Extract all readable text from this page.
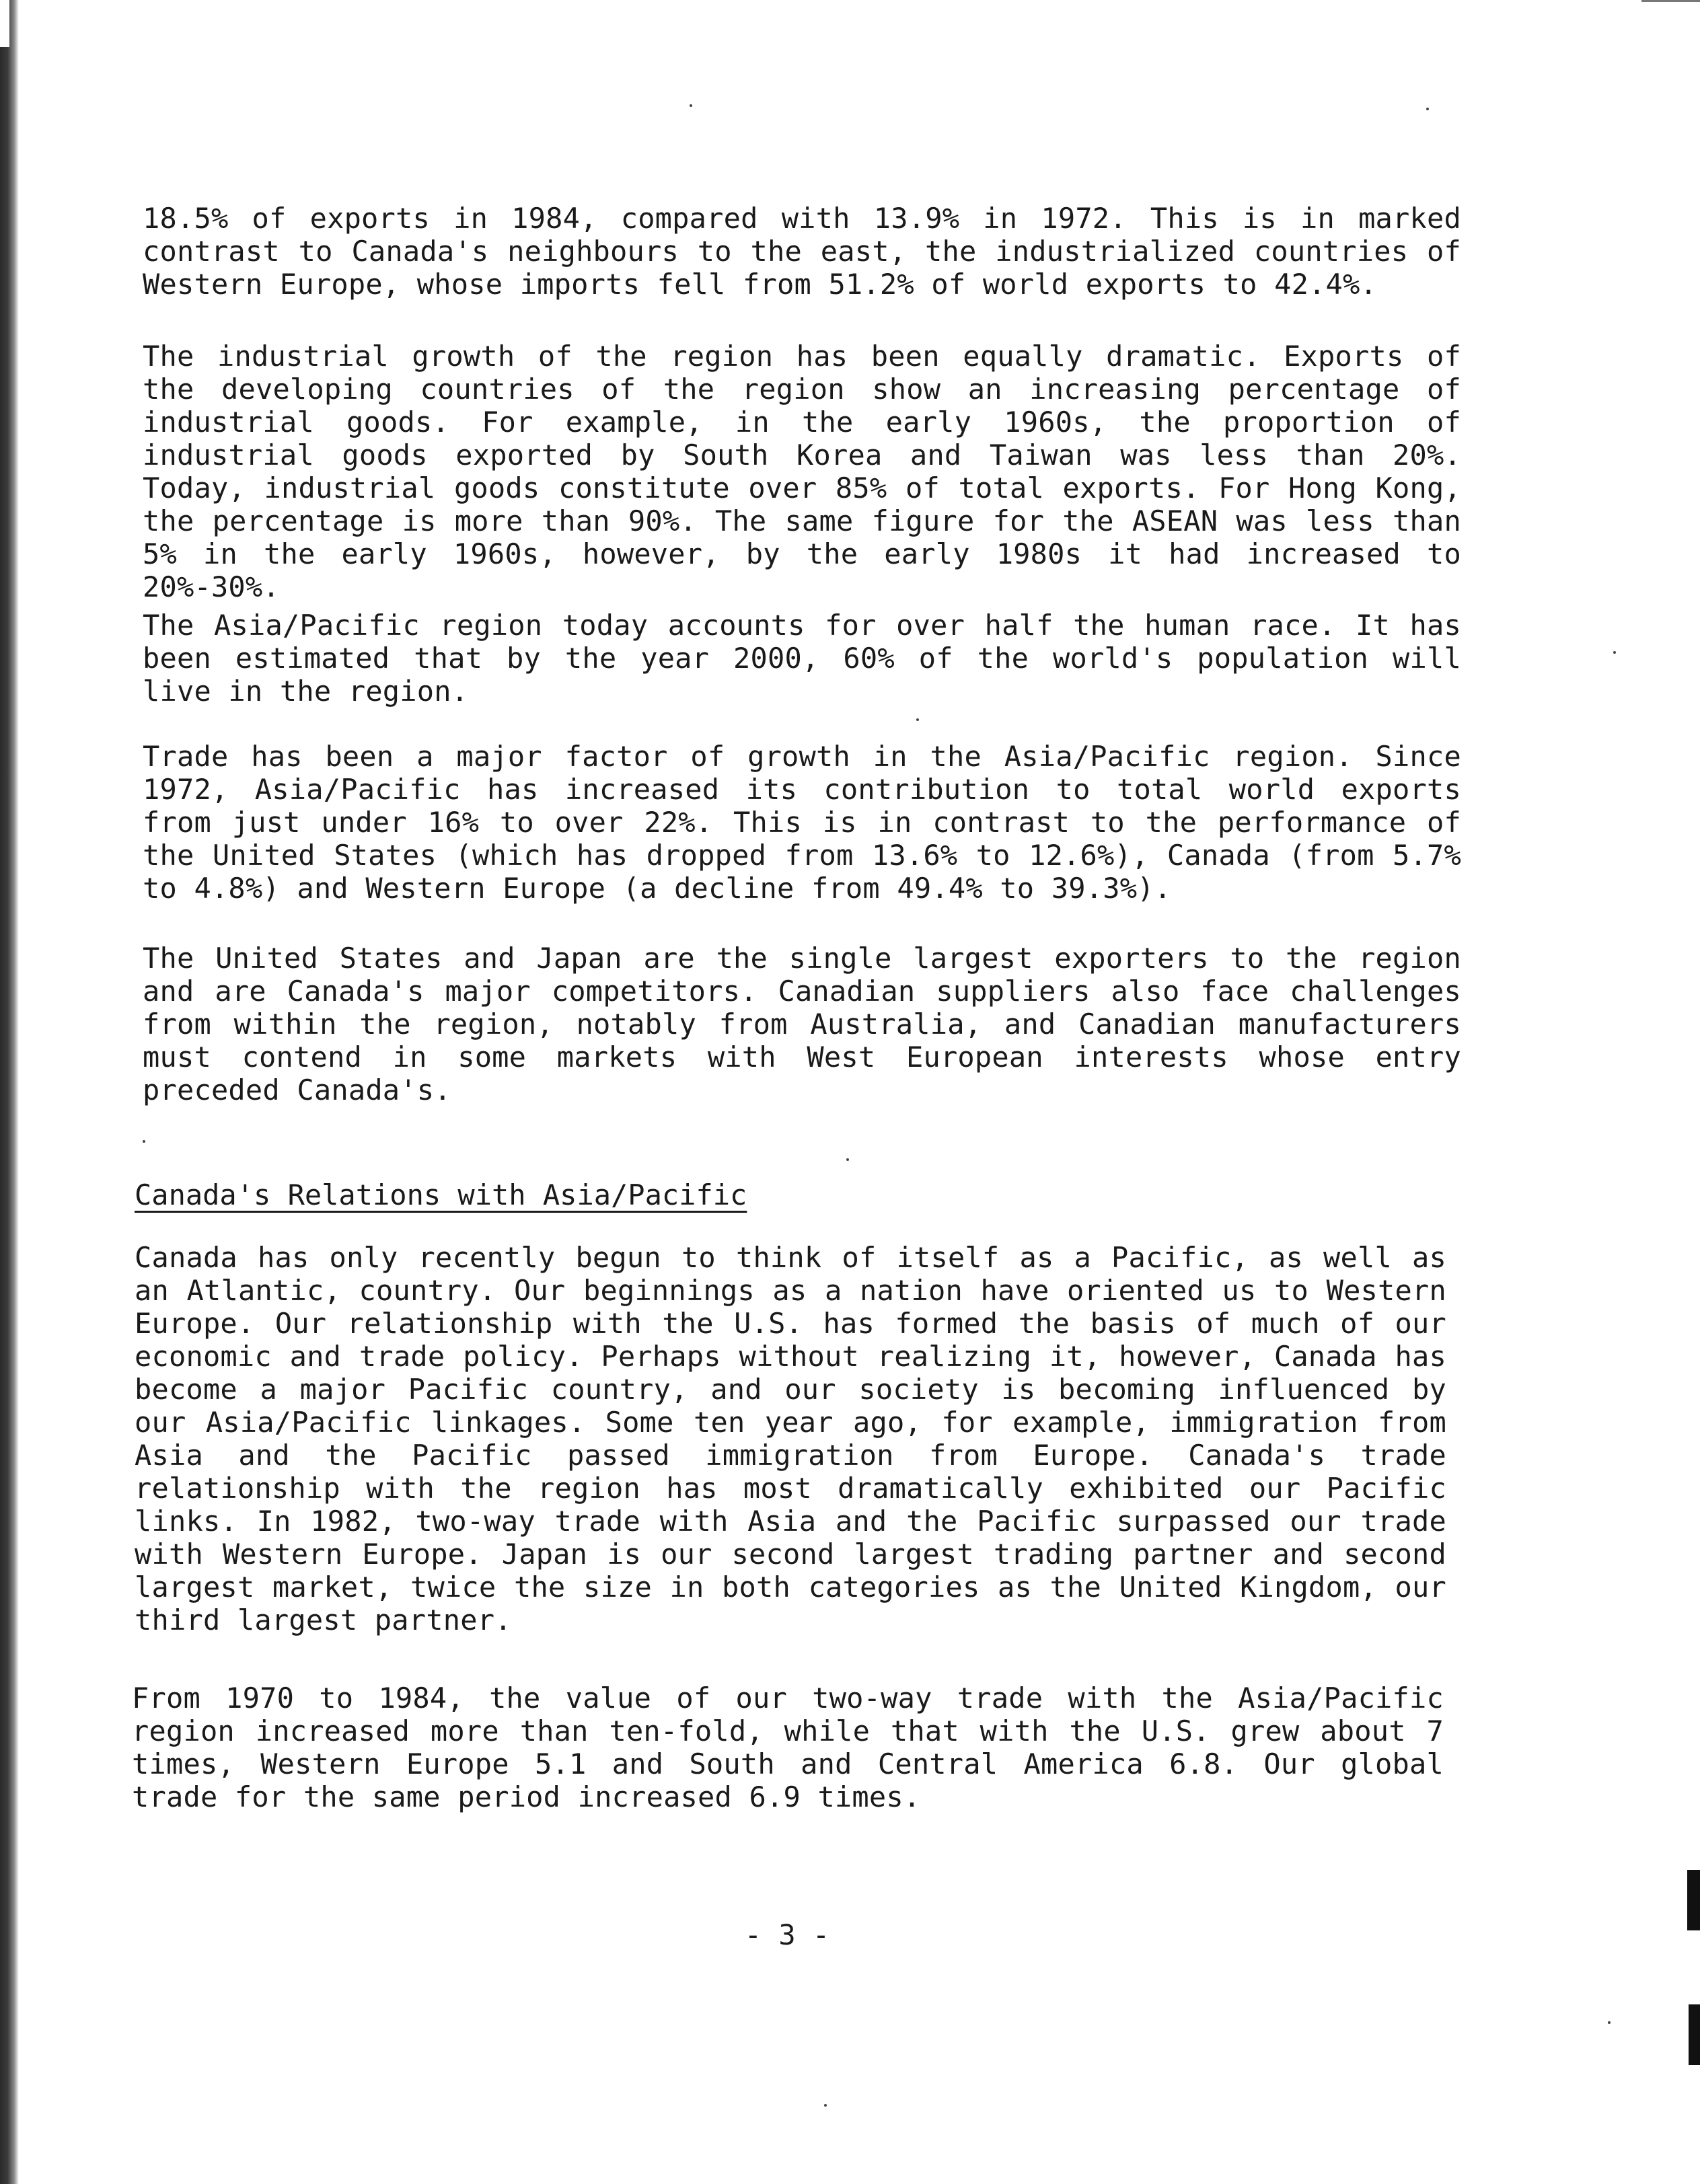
18.5% of exports in 1984, compared with 13.9% in 1972. This is in marked contrast to Canada's neighbours to the east, the industrialized countries of Western Europe, whose imports fell from 51.2% of world exports to 42.4%.

The industrial growth of the region has been equally dramatic. Exports of the developing countries of the region show an increasing percentage of industrial goods. For example, in the early 1960s, the proportion of industrial goods exported by South Korea and Taiwan was less than 20%. Today, industrial goods constitute over 85% of total exports. For Hong Kong, the percentage is more than 90%. The same figure for the ASEAN was less than 5% in the early 1960s, however, by the early 1980s it had increased to 20%-30%.

The Asia/Pacific region today accounts for over half the human race. It has been estimated that by the year 2000, 60% of the world's population will live in the region.

Trade has been a major factor of growth in the Asia/Pacific region. Since 1972, Asia/Pacific has increased its contribution to total world exports from just under 16% to over 22%. This is in contrast to the performance of the United States (which has dropped from 13.6% to 12.6%), Canada (from 5.7% to 4.8%) and Western Europe (a decline from 49.4% to 39.3%).

The United States and Japan are the single largest exporters to the region and are Canada's major competitors. Canadian suppliers also face challenges from within the region, notably from Australia, and Canadian manufacturers must contend in some markets with West European interests whose entry preceded Canada's.

Canada's Relations with Asia/Pacific

Canada has only recently begun to think of itself as a Pacific, as well as an Atlantic, country. Our beginnings as a nation have oriented us to Western Europe. Our relationship with the U.S. has formed the basis of much of our economic and trade policy. Perhaps without realizing it, however, Canada has become a major Pacific country, and our society is becoming influenced by our Asia/Pacific linkages. Some ten year ago, for example, immigration from Asia and the Pacific passed immigration from Europe. Canada's trade relationship with the region has most dramatically exhibited our Pacific links. In 1982, two-way trade with Asia and the Pacific surpassed our trade with Western Europe. Japan is our second largest trading partner and second largest market, twice the size in both categories as the United Kingdom, our third largest partner.

From 1970 to 1984, the value of our two-way trade with the Asia/Pacific region increased more than ten-fold, while that with the U.S. grew about 7 times, Western Europe 5.1 and South and Central America 6.8. Our global trade for the same period increased 6.9 times.

- 3 -
